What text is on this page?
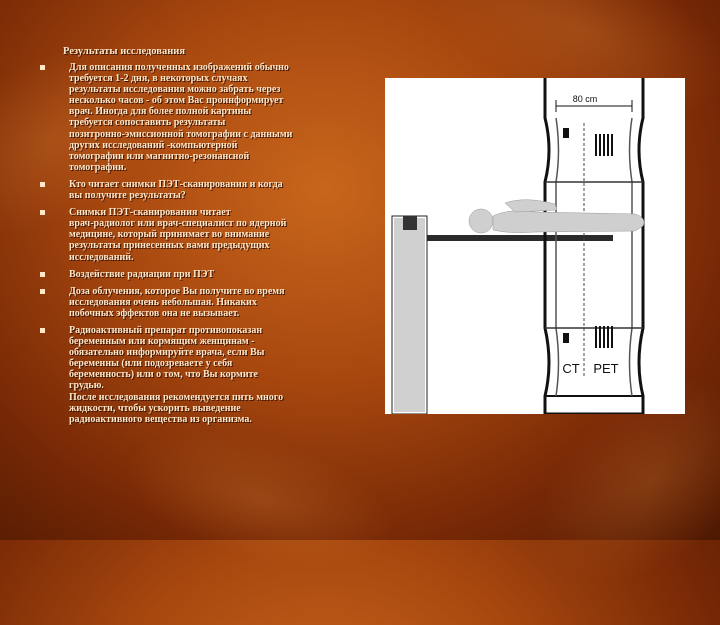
Результаты исследования
Для описания полученных изображений обычно
требуется 1-2 дня, в некоторых случаях
результаты исследования можно забрать через
несколько часов - об этом Вас проинформирует
врач. Иногда для более полной картины
требуется сопоставить результаты
позитронно-эмиссионной томографии с данными
других исследований -компьютерной
томографии или магнитно-резонансной
томографии.
Кто читает снимки ПЭТ-сканирования и когда
вы получите результаты?
Снимки ПЭТ-сканирования читает
врач-радиолог или врач-специалист по ядерной
медицине, который принимает во внимание
результаты принесенных вами предыдущих
исследований.
Воздействие радиации при ПЭТ
Доза облучения, которое Вы получите во время
исследования очень небольшая. Никаких
побочных эффектов она не вызывает.
Радиоактивный препарат противопоказан
беременным или кормящим женщинам -
обязательно информируйте врача, если Вы
беременны (или подозреваете у себя
беременность) или о том, что Вы кормите
грудью.
После исследования рекомендуется пить много
жидкости, чтобы ускорить выведение
радиоактивного вещества из организма.
80 cm
CT PET
